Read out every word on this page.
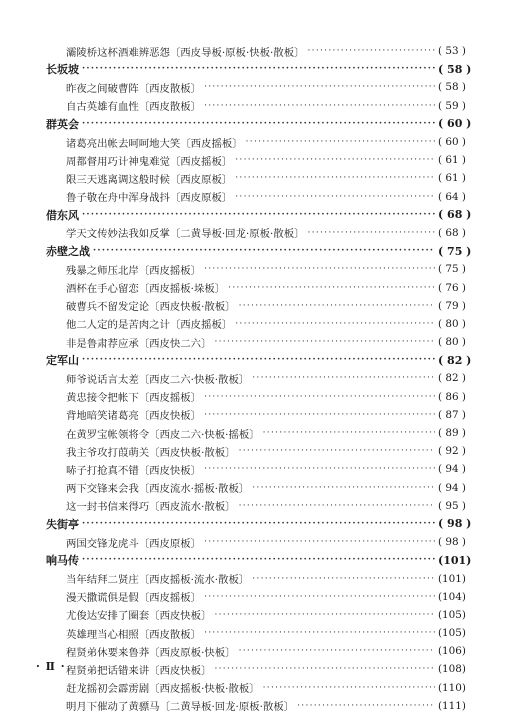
灞陵桥这杯酒难辨恶怨〔西皮导板·原板·快板·散板〕 ·····	( 53 )
长坂坡 ·····	( 58 )
昨夜之间破曹阵〔西皮散板〕 ·····	( 58 )
自古英雄有血性〔西皮散板〕 ·····	( 59 )
群英会 ·····	( 60 )
诸葛亮出帐去呵呵地大笑〔西皮摇板〕 ·····	( 60 )
周都督用巧计神鬼难觉〔西皮摇板〕 ·····	( 61 )
限三天逃离调这般时候〔西皮原板〕 ·····	( 61 )
鲁子敬在舟中浑身战抖〔西皮原板〕 ·····	( 64 )
借东风 ·····	( 68 )
学天文传妙法我如反掌〔二黄导板·回龙·原板·散板〕 ·····	( 68 )
赤壁之战 ·····	( 75 )
残暴之师压北岸〔西皮摇板〕 ·····	( 75 )
酒杯在手心留恋〔西皮摇板·垛板〕 ·····	( 76 )
破曹兵不留发定论〔西皮快板·散板〕 ·····	( 79 )
他二人定的是苦肉之计〔西皮摇板〕 ·····	( 80 )
非是鲁肃荐应承〔西皮快二六〕 ·····	( 80 )
定军山 ·····	( 82 )
师爷说话言太差〔西皮二六·快板·散板〕 ·····	( 82 )
黄忠接令把帐下〔西皮摇板〕 ·····	( 86 )
背地暗笑诸葛亮〔西皮快板〕 ·····	( 87 )
在黄罗宝帐领将令〔西皮二六·快板·摇板〕 ·····	( 89 )
我主爷攻打葭萌关〔西皮快板·散板〕 ·····	( 92 )
哧子打抢真不错〔西皮快板〕 ·····	( 94 )
两下交锋来会我〔西皮流水·摇板·散板〕 ·····	( 94 )
这一封书信来得巧〔西皮流水·散板〕 ·····	( 95 )
失街亭 ·····	( 98 )
两国交锋龙虎斗〔西皮原板〕 ·····	( 98 )
响马传 ·····	(101)
当年结拜二贤庄〔西皮摇板·流水·散板〕 ·····	(101)
漫天撒谎俱是假〔西皮摇板〕 ·····	(104)
尤俊达安排了圈套〔西皮快板〕 ·····	(105)
英雄理当心相照〔西皮散板〕 ·····	(105)
程贤弟休要来鲁莽〔西皮原板·快板〕 ·····	(106)
程贤弟把话错来讲〔西皮快板〕 ·····	(108)
赶龙摇初会霹雳剧〔西皮摇板·快板·散板〕 ·····	(110)
明月下催动了黄骠马〔二黄导板·回龙·原板·散板〕 ·····	(111)
· Ⅱ ·
